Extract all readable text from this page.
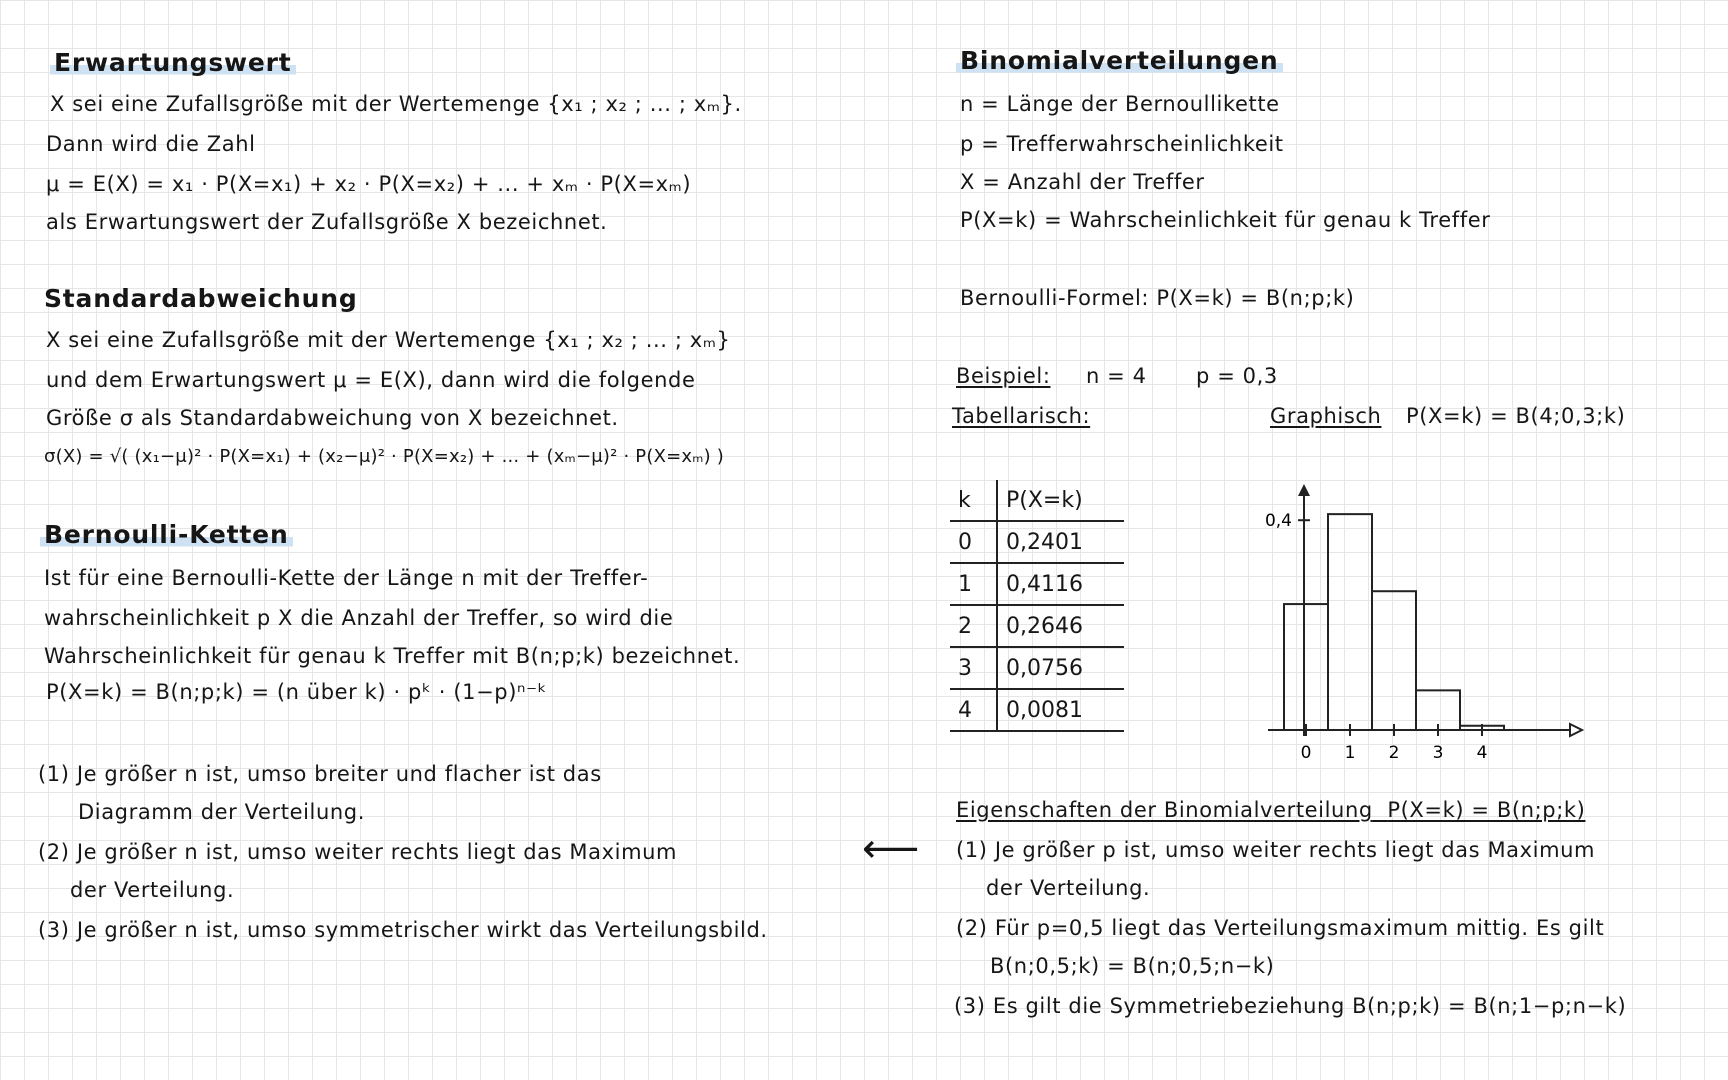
Erwartungswert
X sei eine Zufallsgröße mit der Wertemenge {x₁ ; x₂ ; ... ; xₘ}.
Dann wird die Zahl
μ = E(X) = x₁ · P(X=x₁) + x₂ · P(X=x₂) + ... + xₘ · P(X=xₘ)
als Erwartungswert der Zufallsgröße X bezeichnet.
Standardabweichung
X sei eine Zufallsgröße mit der Wertemenge {x₁ ; x₂ ; ... ; xₘ}
und dem Erwartungswert μ = E(X), dann wird die folgende
Größe σ als Standardabweichung von X bezeichnet.
σ(X) = √( (x₁−μ)² · P(X=x₁) + (x₂−μ)² · P(X=x₂) + ... + (xₘ−μ)² · P(X=xₘ) )
Bernoulli-Ketten
Ist für eine Bernoulli-Kette der Länge n mit der Treffer-
wahrscheinlichkeit p X die Anzahl der Treffer, so wird die
Wahrscheinlichkeit für genau k Treffer mit B(n;p;k) bezeichnet.
P(X=k) = B(n;p;k) = (n über k) · pᵏ · (1−p)ⁿ⁻ᵏ
(1) Je größer n ist, umso breiter und flacher ist das
Diagramm der Verteilung.
(2) Je größer n ist, umso weiter rechts liegt das Maximum
der Verteilung.
(3) Je größer n ist, umso symmetrischer wirkt das Verteilungsbild.
⟵
Binomialverteilungen
n = Länge der Bernoullikette
p = Trefferwahrscheinlichkeit
X = Anzahl der Treffer
P(X=k) = Wahrscheinlichkeit für genau k Treffer
Bernoulli-Formel: P(X=k) = B(n;p;k)
Beispiel: n = 4 p = 0,3
Tabellarisch:	Graphisch P(X=k) = B(4;0,3;k)
k	P(X=k)
0	0,2401
1	0,4116
2	0,2646
3	0,0756
4	0,0081
0 1 2 3 4
0,4
Eigenschaften der Binomialverteilung P(X=k) = B(n;p;k)
(1) Je größer p ist, umso weiter rechts liegt das Maximum
der Verteilung.
(2) Für p=0,5 liegt das Verteilungsmaximum mittig. Es gilt
B(n;0,5;k) = B(n;0,5;n−k)
(3) Es gilt die Symmetriebeziehung B(n;p;k) = B(n;1−p;n−k)
